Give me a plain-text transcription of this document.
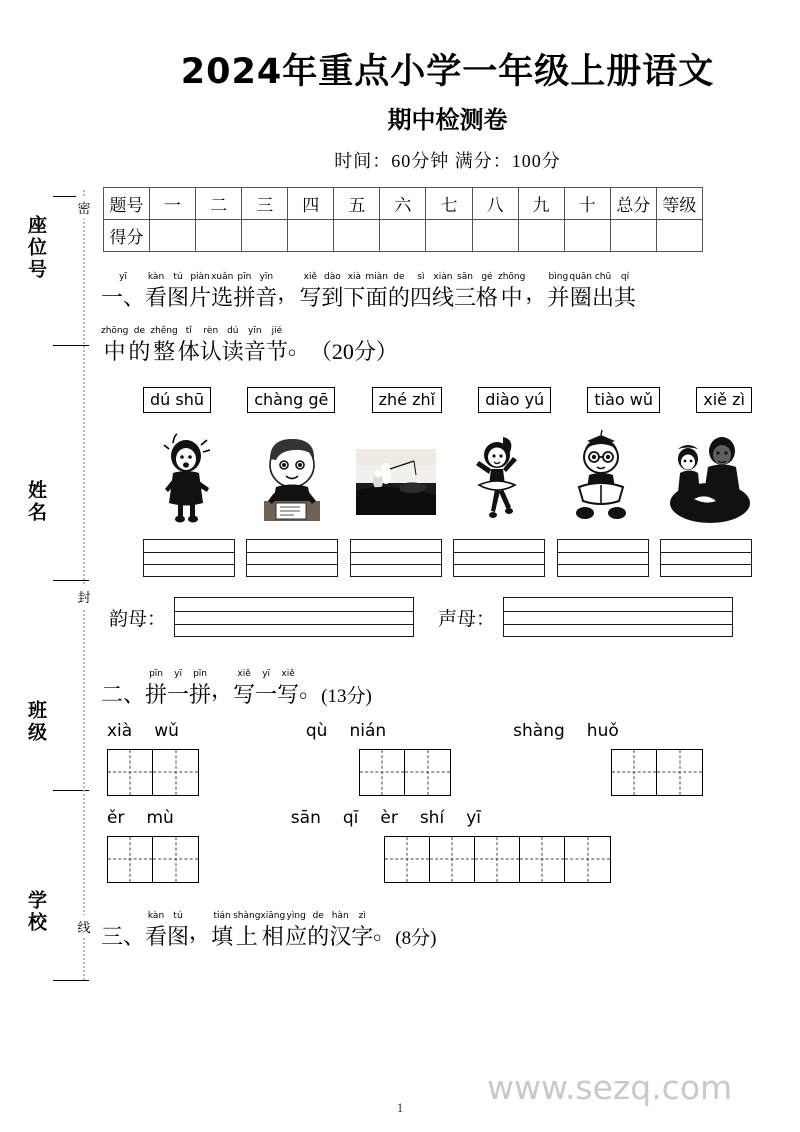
座位号
姓名
班级
学校
密
封
线
2024年重点小学一年级上册语文
期中检测卷
时间：60分钟 满分：100分
题号	一	二	三	四	五	六	七	八	九	十	总分	等级
得分												
yī
一、
kàn
看
tú
图
piàn
片
xuǎn
选
pīn
拼
yīn
音 ，
xiě
写
dào
到
xià
下
miàn
面
de
的
sì
四
xiàn
线
sān
三
gé
格
zhōng
中 ，
bìng
并
quān
圈
chū
出
qí
其
zhōng
中
de
的
zhěng
整
tǐ
体
rèn
认
dú
读
yīn
音
jié
节 。 （20分）
dú shū	chàng gē	zhé zhǐ	diào yú	tiào wǔ	xiě zì
韵母：	声母：
二、
pīn
拼
yī
一
pīn
拼 ，
xiě
写
yī
一
xiě
写 。 (13分)
xià wǔ	qù nián	shàng huǒ
ěr mù	sān qī èr shí yī
三、
kàn
看
tú
图 ，
tián
填
shàng
上
xiāng
相
yìng
应
de
的
hàn
汉
zì
字 。 (8分)
www.sezq.com
1
